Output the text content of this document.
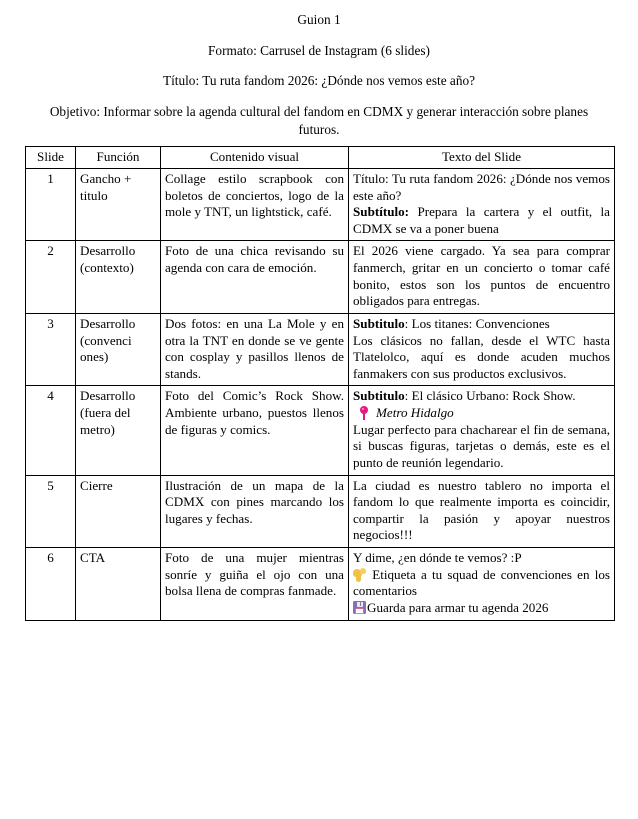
Guion 1

Formato: Carrusel de Instagram (6 slides)

Título: Tu ruta fandom 2026: ¿Dónde nos vemos este año?

Objetivo: Informar sobre la agenda cultural del fandom en CDMX y generar interacción sobre planes futuros.

Slide	Función	Contenido visual	Texto del Slide
1	Gancho + titulo	Collage estilo scrapbook con boletos de conciertos, logo de la mole y TNT, un lightstick, café.	Título: Tu ruta fandom 2026: ¿Dónde nos vemos este año?

Subtítulo: Prepara la cartera y el outfit, la CDMX se va a poner buena

2	Desarrollo (contexto)	Foto de una chica revisando su agenda con cara de emoción.	El 2026 viene cargado. Ya sea para comprar fanmerch, gritar en un concierto o tomar café bonito, estos son los puntos de encuentro obligados para entregas.

3	Desarrollo (convenci ones)	Dos fotos: en una La Mole y en otra la TNT en donde se ve gente con cosplay y pasillos llenos de stands.	Subtitulo: Los titanes: Convenciones

Los clásicos no fallan, desde el WTC hasta Tlatelolco, aquí es donde acuden muchos fanmakers con sus productos exclusivos.

4	Desarrollo (fuera del metro)	Foto del Comic’s Rock Show. Ambiente urbano, puestos llenos de figuras y comics.	Subtitulo: El clásico Urbano: Rock Show.

Metro Hidalgo

Lugar perfecto para chacharear el fin de semana, si buscas figuras, tarjetas o demás, este es el punto de reunión legendario.

5	Cierre	Ilustración de un mapa de la CDMX con pines marcando los lugares y fechas.	La ciudad es nuestro tablero no importa el fandom lo que realmente importa es coincidir, compartir la pasión y apoyar nuestros negocios!!!

6	CTA	Foto de una mujer mientras sonríe y guiña el ojo con una bolsa llena de compras fanmade.	Y dime, ¿en dónde te vemos? :P

Etiqueta a tu squad de convenciones en los comentarios

Guarda para armar tu agenda 2026
